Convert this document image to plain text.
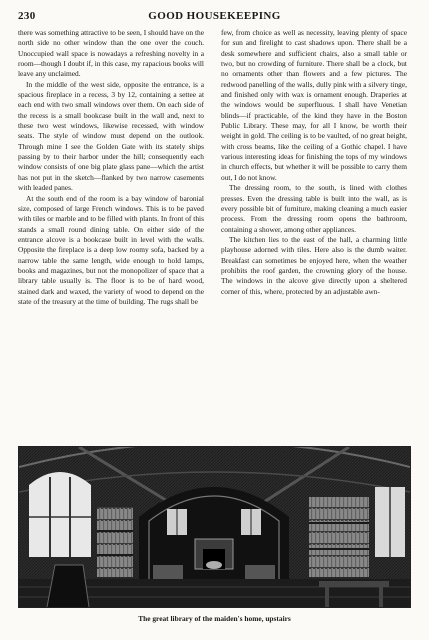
230	GOOD HOUSEKEEPING

there was something attractive to be seen, I should have on the north side no other window than the one over the couch. Unoccupied wall space is nowadays a refreshing novelty in a room—though I doubt if, in this case, my rapacious books will leave any unclaimed.

In the middle of the west side, opposite the entrance, is a spacious fireplace in a recess, 3 by 12, containing a settee at each end with two small windows over them. On each side of the recess is a small bookcase built in the wall and, next to these two west windows, likewise recessed, with window seats. The style of window must depend on the outlook. Through mine I see the Golden Gate with its stately ships passing by to their harbor under the hill; consequently each window consists of one big plate glass pane—which the artist has not put in the sketch—flanked by two narrow casements with leaded panes.

At the south end of the room is a bay window of baronial size, composed of large French windows. This is to be paved with tiles or marble and to be filled with plants. In front of this stands a small round dining table. On either side of the entrance alcove is a bookcase built in level with the walls. Opposite the fireplace is a deep low roomy sofa, backed by a narrow table the same length, wide enough to hold lamps, books and magazines, but not the monopolizer of space that a library table usually is. The floor is to be of hard wood, stained dark and waxed, the variety of wood to depend on the state of the treasury at the time of building. The rugs shall be

few, from choice as well as necessity, leaving plenty of space for sun and firelight to cast shadows upon. There shall be a desk somewhere and sufficient chairs, also a small table or two, but no crowding of furniture. There shall be a clock, but no ornaments other than flowers and a few pictures. The redwood panelling of the walls, dully pink with a silvery tinge, and finished only with wax is ornament enough. Draperies at the windows would be superfluous. I shall have Venetian blinds—if practicable, of the kind they have in the Boston Public Library. These may, for all I know, be worth their weight in gold. The ceiling is to be vaulted, of no great height, with cross beams, like the ceiling of a Gothic chapel. I have various interesting ideas for finishing the tops of my windows in church effects, but whether it will be possible to carry them out, I do not know.

The dressing room, to the south, is lined with clothes presses. Even the dressing table is built into the wall, as is every possible bit of furniture, making cleaning a much easier process. From the dressing room opens the bathroom, containing a shower, among other appliances.

The kitchen lies to the east of the hall, a charming little playhouse adorned with tiles. Here also is the dumb waiter. Breakfast can sometimes be enjoyed here, when the weather prohibits the roof garden, the crowning glory of the house. The windows in the alcove give directly upon a sheltered corner of this, where, protected by an adjustable awn-

The great library of the maiden's home, upstairs
